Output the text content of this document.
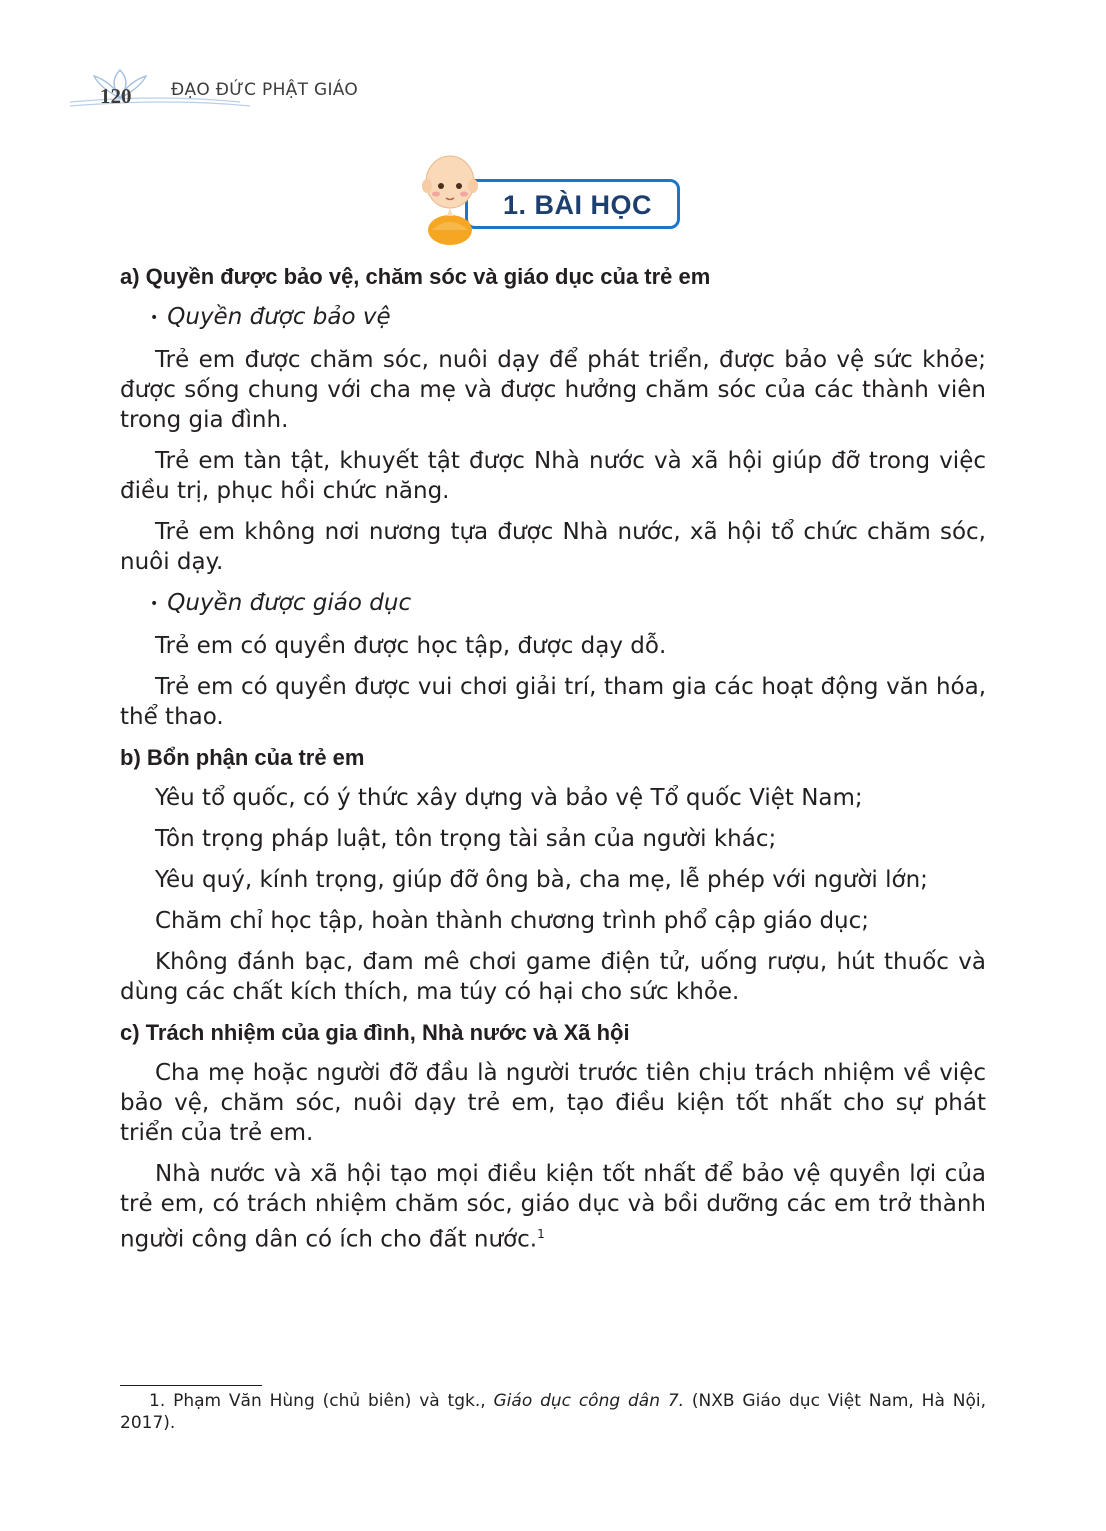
120 ĐẠO ĐỨC PHẬT GIÁO
1. BÀI HỌC
a) Quyền được bảo vệ, chăm sóc và giáo dục của trẻ em
• Quyền được bảo vệ

Trẻ em được chăm sóc, nuôi dạy để phát triển, được bảo vệ sức khỏe; được sống chung với cha mẹ và được hưởng chăm sóc của các thành viên trong gia đình.

Trẻ em tàn tật, khuyết tật được Nhà nước và xã hội giúp đỡ trong việc điều trị, phục hồi chức năng.

Trẻ em không nơi nương tựa được Nhà nước, xã hội tổ chức chăm sóc, nuôi dạy.

• Quyền được giáo dục

Trẻ em có quyền được học tập, được dạy dỗ.

Trẻ em có quyền được vui chơi giải trí, tham gia các hoạt động văn hóa, thể thao.

b) Bổn phận của trẻ em

Yêu tổ quốc, có ý thức xây dựng và bảo vệ Tổ quốc Việt Nam;

Tôn trọng pháp luật, tôn trọng tài sản của người khác;

Yêu quý, kính trọng, giúp đỡ ông bà, cha mẹ, lễ phép với người lớn;

Chăm chỉ học tập, hoàn thành chương trình phổ cập giáo dục;

Không đánh bạc, đam mê chơi game điện tử, uống rượu, hút thuốc và dùng các chất kích thích, ma túy có hại cho sức khỏe.

c) Trách nhiệm của gia đình, Nhà nước và Xã hội

Cha mẹ hoặc người đỡ đầu là người trước tiên chịu trách nhiệm về việc bảo vệ, chăm sóc, nuôi dạy trẻ em, tạo điều kiện tốt nhất cho sự phát triển của trẻ em.

Nhà nước và xã hội tạo mọi điều kiện tốt nhất để bảo vệ quyền lợi của trẻ em, có trách nhiệm chăm sóc, giáo dục và bồi dưỡng các em trở thành người công dân có ích cho đất nước.$^1$

1. Phạm Văn Hùng (chủ biên) và tgk., Giáo dục công dân 7. (NXB Giáo dục Việt Nam, Hà Nội, 2017).
